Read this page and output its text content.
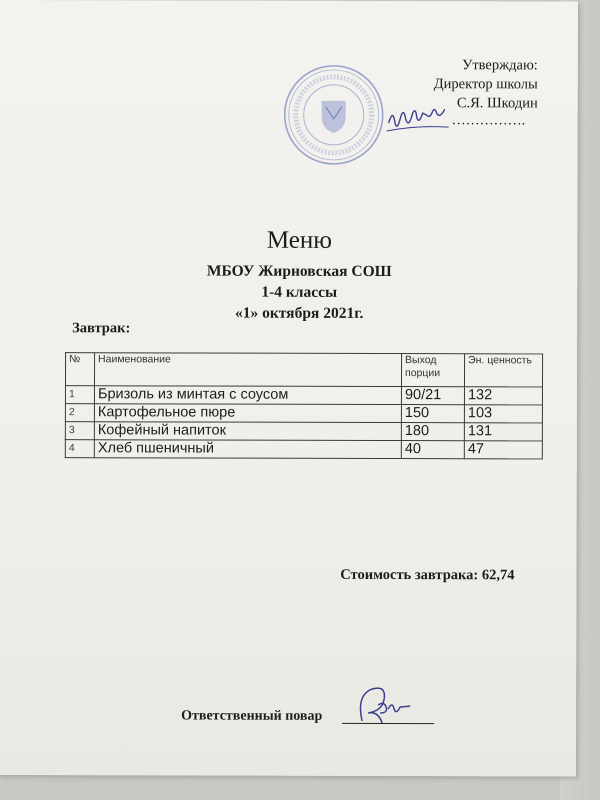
Утверждаю:
Директор школы
С.Я. Шкодин
…………….
Меню
МБОУ Жирновская СОШ
1-4 классы
«1» октября 2021г.
Завтрак:
№	Наименование	Выход порции	Эн. ценность
1	Бризоль из минтая с соусом	90/21	132
2	Картофельное пюре	150	103
3	Кофейный напиток	180	131
4	Хлеб пшеничный	40	47
Стоимость завтрака: 62,74
Ответственный повар
